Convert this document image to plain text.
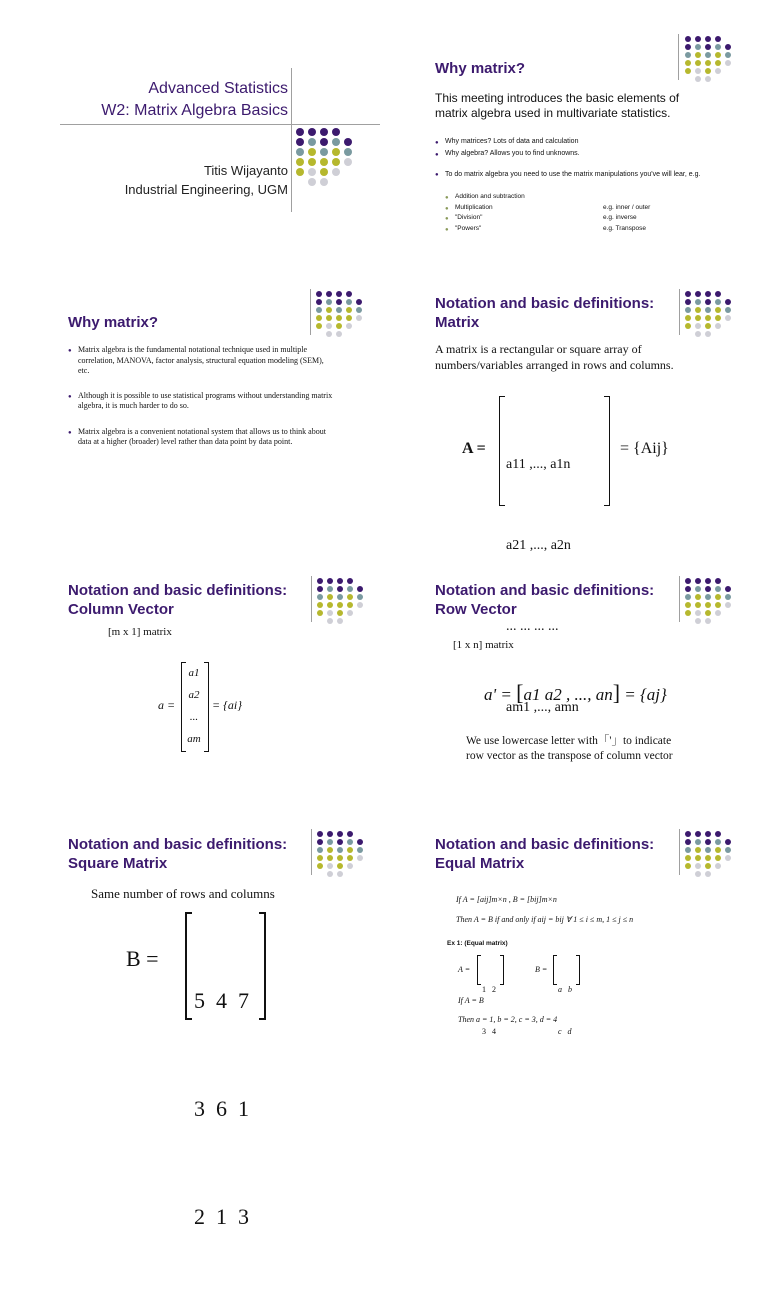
Advanced Statistics
W2: Matrix Algebra Basics
Titis Wijayanto
Industrial Engineering, UGM
Why matrix?
This meeting introduces the basic elements of matrix algebra used in multivariate statistics.
● Why matrices? Lots of data and calculation
● Why algebra? Allows you to find unknowns.
● To do matrix algebra you need to use the matrix manipulations you've will lear, e.g.
● Addition and subtraction
● Multiplication	e.g. inner / outer
● "Division"	e.g. inverse
● "Powers"	e.g. Transpose
Why matrix?
● Matrix algebra is the fundamental notational technique used in multiple correlation, MANOVA, factor analysis, structural equation modeling (SEM), etc.
● Although it is possible to use statistical programs without understanding matrix algebra, it is much harder to do so.
● Matrix algebra is a convenient notational system that allows us to think about data at a higher (broader) level rather than data point by data point.
Notation and basic definitions:
Matrix
A matrix is a rectangular or square array of numbers/variables arranged in rows and columns.
A =

a11 ,..., a1n

a21 ,..., a2n

... ... ... ...

am1 ,..., amn

= {Aij}
Notation and basic definitions:
Column Vector
[m x 1] matrix
a =
a1
a2
...
am
= {ai}
Notation and basic definitions:
Row Vector
[1 x n] matrix
a' = [a1 a2 , ..., an] = {aj}
We use lowercase letter with「'」to indicate row vector as the transpose of column vector
Notation and basic definitions:
Square Matrix
Same number of rows and columns
B =

5  4  7

3  6  1

2  1  3

Notation and basic definitions:
Equal Matrix
If A = [aij]m×n , B = [bij]m×n
Then A = B if and only if aij = bij ∀ 1 ≤ i ≤ m, 1 ≤ j ≤ n
Ex 1: (Equal matrix)
A =

1   2

3   4

B =

a   b

c   d

If A = B
Then a = 1, b = 2, c = 3, d = 4
